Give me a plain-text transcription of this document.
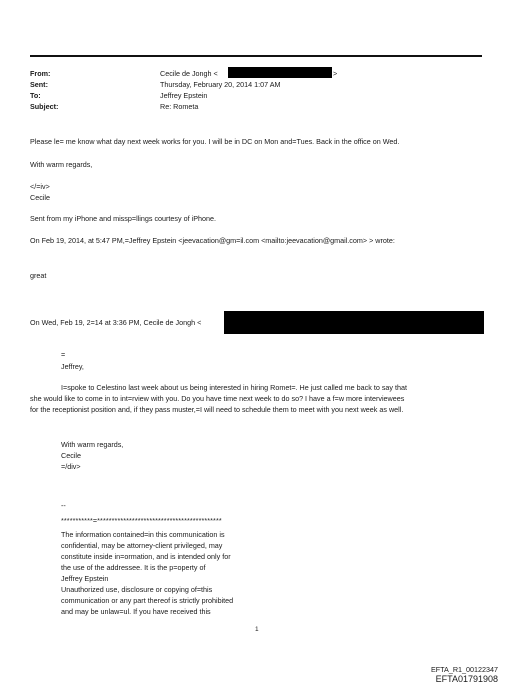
From:
Sent:
To:
Subject:
Cecile de Jongh <	>
Thursday, February 20, 2014 1:07 AM
Jeffrey Epstein
Re: Rometa
Please le= me know what day next week works for you. I will be in DC on Mon and=Tues. Back in the office on Wed.
With warm regards,
</=iv>
Cecile
Sent from my iPhone and missp=llings courtesy of iPhone.
On Feb 19, 2014, at 5:47 PM,=Jeffrey Epstein <jeevacation@gm=il.com <mailto:jeevacation@gmail.com> > wrote:
great
On Wed, Feb 19, 2=14 at 3:36 PM, Cecile de Jongh <
=
Jeffrey,
I=spoke to Celestino last week about us being interested in hiring Romet=. He just called me back to say that
she would like to come in to int=rview with you. Do you have time next week to do so? I have a f=w more interviewees
for the receptionist position and, if they pass muster,=I will need to schedule them to meet with you next week as well.
With warm regards,
Cecile
=/div>
--
***********=*******************************************
The information contained=in this communication is
confidential, may be attorney-client privileged, may
constitute inside in=ormation, and is intended only for
the use of the addressee. It is the p=operty of
Jeffrey Epstein
Unauthorized use, disclosure or copying of=this
communication or any part thereof is strictly prohibited
and may be unlaw=ul. If you have received this
1
EFTA_R1_00122347
EFTA01791908
